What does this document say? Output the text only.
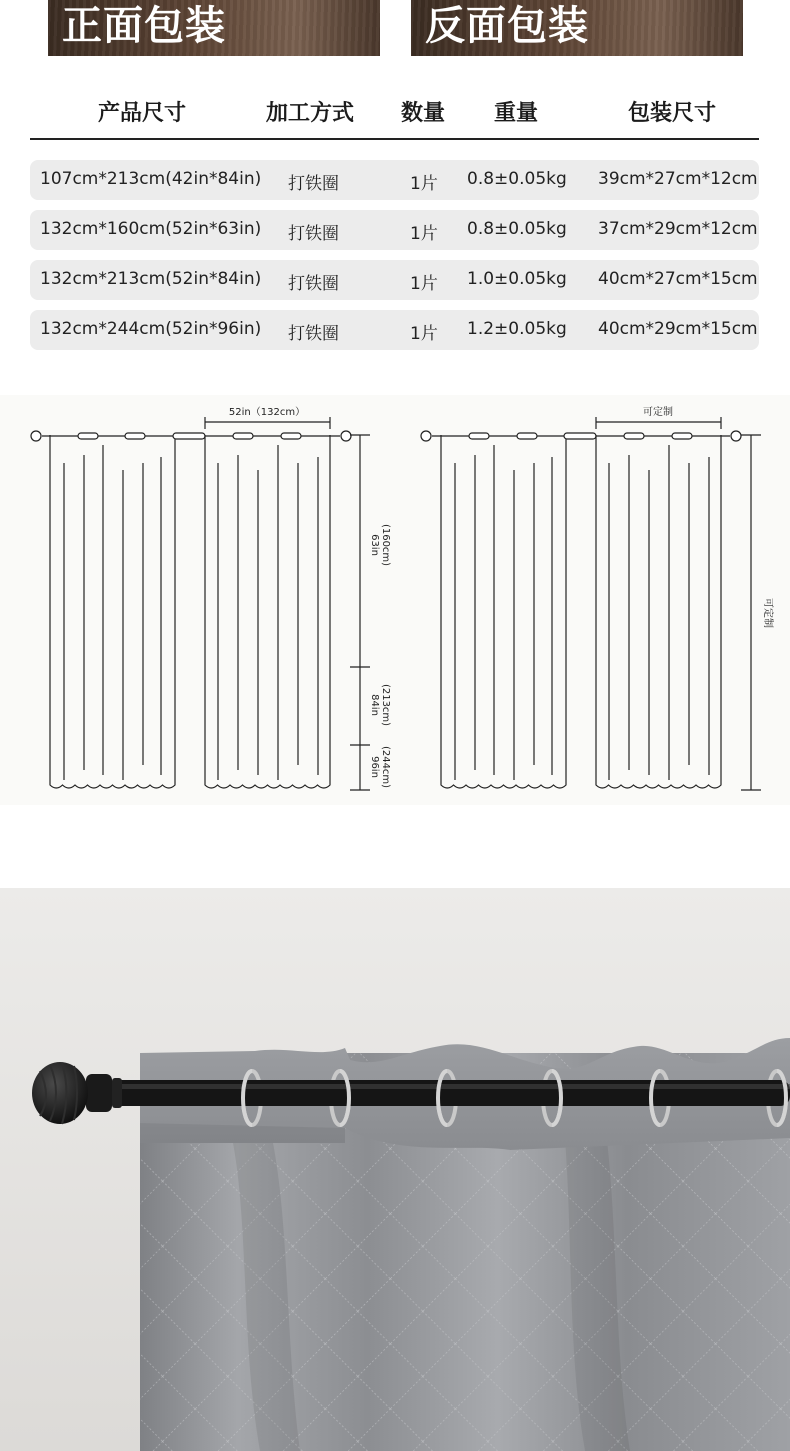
正面包装	反面包装
产品尺寸	加工方式 数量 重量	包装尺寸
107cm*213cm(42in*84in) 打铁圈	1片 0.8±0.05kg 39cm*27cm*12cm
132cm*160cm(52in*63in) 打铁圈	1片 0.8±0.05kg 37cm*29cm*12cm
132cm*213cm(52in*84in) 打铁圈	1片 1.0±0.05kg 40cm*27cm*15cm
132cm*244cm(52in*96in) 打铁圈	1片 1.2±0.05kg 40cm*29cm*15cm
52in（132cm）
63in (160cm)
84in (213cm)
96in (244cm)
可定制
可定制
